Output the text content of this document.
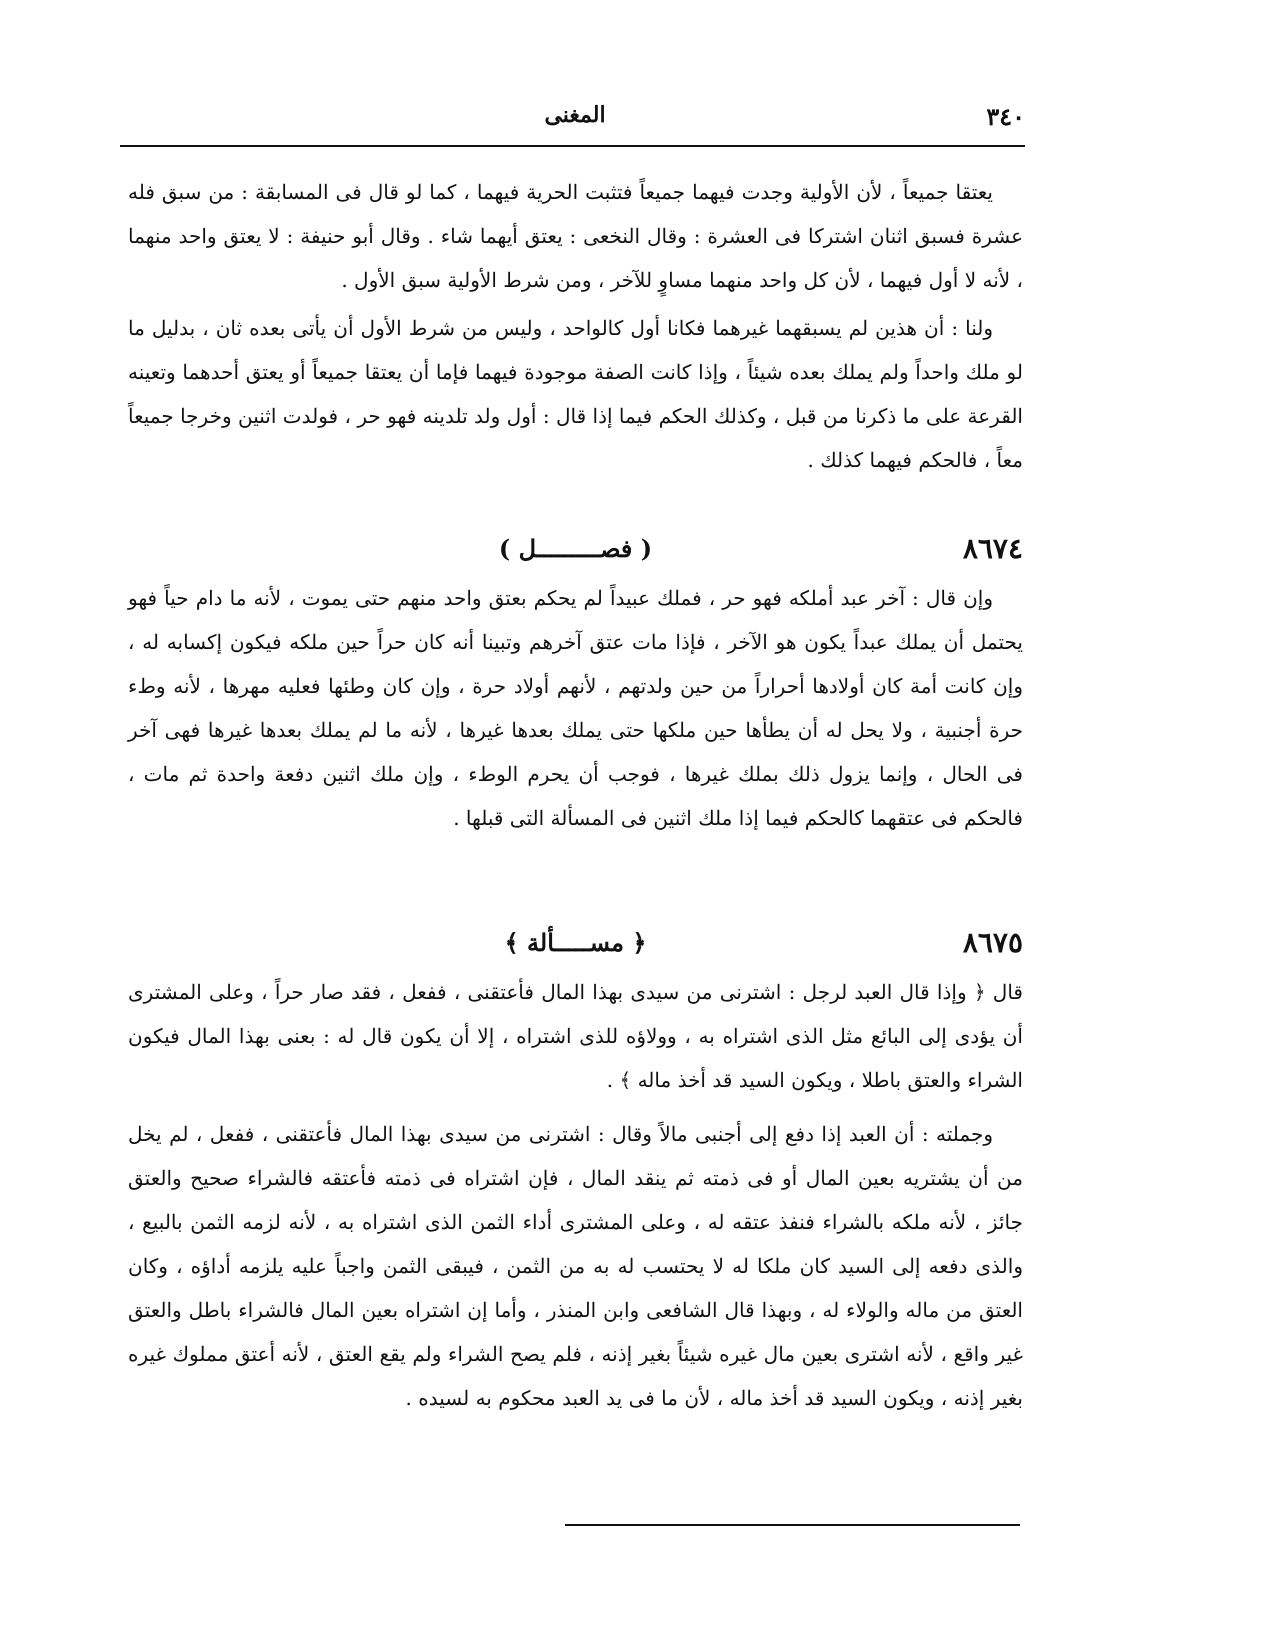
٣٤٠
المغنى

يعتقا جميعاً ، لأن الأولية وجدت فيهما جميعاً فتثبت الحرية فيهما ، كما لو قال فى المسابقة : من سبق فله عشرة فسبق اثنان اشتركا فى العشرة : وقال النخعى : يعتق أيهما شاء . وقال أبو حنيفة : لا يعتق واحد منهما ، لأنه لا أول فيهما ، لأن كل واحد منهما مساوٍ للآخر ، ومن شرط الأولية سبق الأول .

ولنا : أن هذين لم يسبقهما غيرهما فكانا أول كالواحد ، وليس من شرط الأول أن يأتى بعده ثان ، بدليل ما لو ملك واحداً ولم يملك بعده شيئاً ، وإذا كانت الصفة موجودة فيهما فإما أن يعتقا جميعاً أو يعتق أحدهما وتعينه القرعة على ما ذكرنا من قبل ، وكذلك الحكم فيما إذا قال : أول ولد تلدينه فهو حر ، فولدت اثنين وخرجا جميعاً معاً ، فالحكم فيهما كذلك .

٨٦٧٤
( فصـــــــــل )

وإن قال : آخر عبد أملكه فهو حر ، فملك عبيداً لم يحكم بعتق واحد منهم حتى يموت ، لأنه ما دام حياً فهو يحتمل أن يملك عبداً يكون هو الآخر ، فإذا مات عتق آخرهم وتبينا أنه كان حراً حين ملكه فيكون إكسابه له ، وإن كانت أمة كان أولادها أحراراً من حين ولدتهم ، لأنهم أولاد حرة ، وإن كان وطئها فعليه مهرها ، لأنه وطء حرة أجنبية ، ولا يحل له أن يطأها حين ملكها حتى يملك بعدها غيرها ، لأنه ما لم يملك بعدها غيرها فهى آخر فى الحال ، وإنما يزول ذلك بملك غيرها ، فوجب أن يحرم الوطء ، وإن ملك اثنين دفعة واحدة ثم مات ، فالحكم فى عتقهما كالحكم فيما إذا ملك اثنين فى المسألة التى قبلها .

٨٦٧٥
﴿ مســـــألة ﴾

قال ﴿ وإذا قال العبد لرجل : اشترنى من سيدى بهذا المال فأعتقنى ، ففعل ، فقد صار حراً ، وعلى المشترى أن يؤدى إلى البائع مثل الذى اشتراه به ، وولاؤه للذى اشتراه ، إلا أن يكون قال له : بعنى بهذا المال فيكون الشراء والعتق باطلا ، ويكون السيد قد أخذ ماله ﴾ .

وجملته : أن العبد إذا دفع إلى أجنبى مالاً وقال : اشترنى من سيدى بهذا المال فأعتقنى ، ففعل ، لم يخل من أن يشتريه بعين المال أو فى ذمته ثم ينقد المال ، فإن اشتراه فى ذمته فأعتقه فالشراء صحيح والعتق جائز ، لأنه ملكه بالشراء فنفذ عتقه له ، وعلى المشترى أداء الثمن الذى اشتراه به ، لأنه لزمه الثمن بالبيع ، والذى دفعه إلى السيد كان ملكا له لا يحتسب له به من الثمن ، فيبقى الثمن واجباً عليه يلزمه أداؤه ، وكان العتق من ماله والولاء له ، وبهذا قال الشافعى وابن المنذر ، وأما إن اشتراه بعين المال فالشراء باطل والعتق غير واقع ، لأنه اشترى بعين مال غيره شيئاً بغير إذنه ، فلم يصح الشراء ولم يقع العتق ، لأنه أعتق مملوك غيره بغير إذنه ، ويكون السيد قد أخذ ماله ، لأن ما فى يد العبد محكوم به لسيده .
